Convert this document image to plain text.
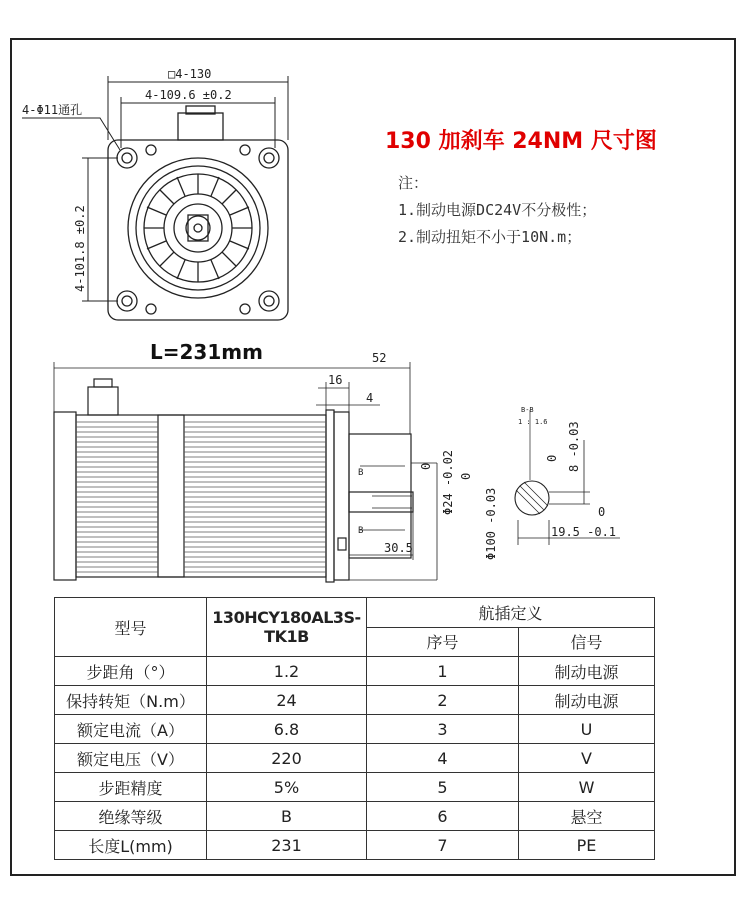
□4-130
4-109.6 ±0.2
4-Φ11通孔
4-101.8 ±0.2
52
16
4
30.5
B
B
Φ24 -0.02
0
Φ100 -0.03
0
B-B
1 : 1.6 8 -0.03
0
19.5 -0.1
0
130 加刹车 24NM 尺寸图
注：
1.制动电源DC24V不分极性；
2.制动扭矩不小于10N.m；
L=231mm
型号	130HCY180AL3S-TK1B	航插定义	
		序号	信号
步距角（°）	1.2	1	制动电源
保持转矩（N.m）	24	2	制动电源
额定电流（A）	6.8	3	U
额定电压（V）	220	4	V
步距精度	5%	5	W
绝缘等级	B	6	悬空
长度L(mm)	231	7	PE
